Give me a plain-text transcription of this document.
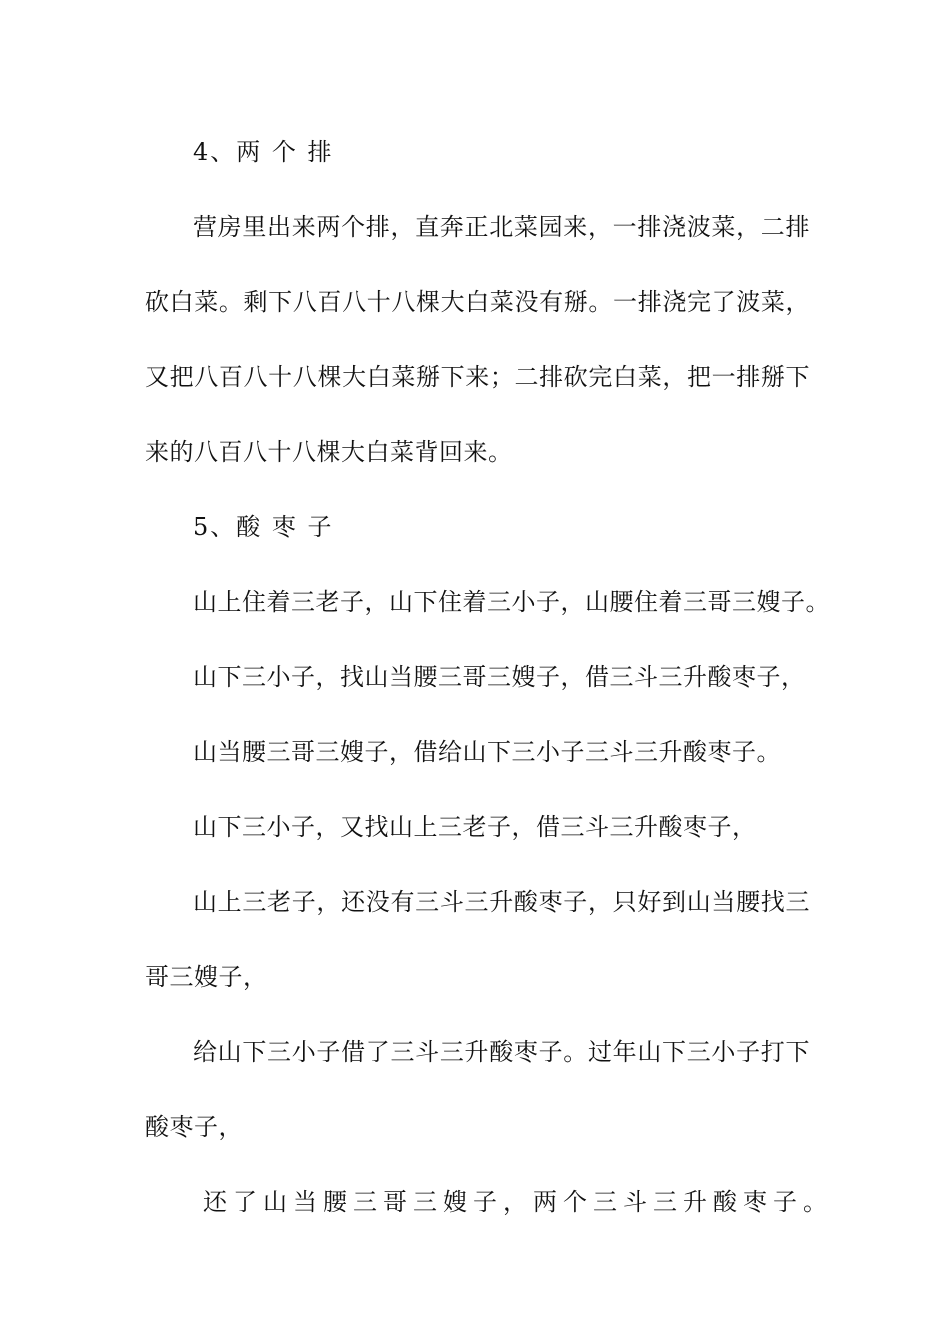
4、两 个 排
营房里出来两个排，直奔正北菜园来，一排浇波菜，二排
砍白菜。剩下八百八十八棵大白菜没有掰。一排浇完了波菜，
又把八百八十八棵大白菜掰下来；二排砍完白菜，把一排掰下
来的八百八十八棵大白菜背回来。
5、酸 枣 子
山上住着三老子，山下住着三小子，山腰住着三哥三嫂子。
山下三小子，找山当腰三哥三嫂子，借三斗三升酸枣子，
山当腰三哥三嫂子，借给山下三小子三斗三升酸枣子。
山下三小子，又找山上三老子，借三斗三升酸枣子，
山上三老子，还没有三斗三升酸枣子，只好到山当腰找三
哥三嫂子，
给山下三小子借了三斗三升酸枣子。过年山下三小子打下
酸枣子，
还了山当腰三哥三嫂子，两个三斗三升酸枣子。
